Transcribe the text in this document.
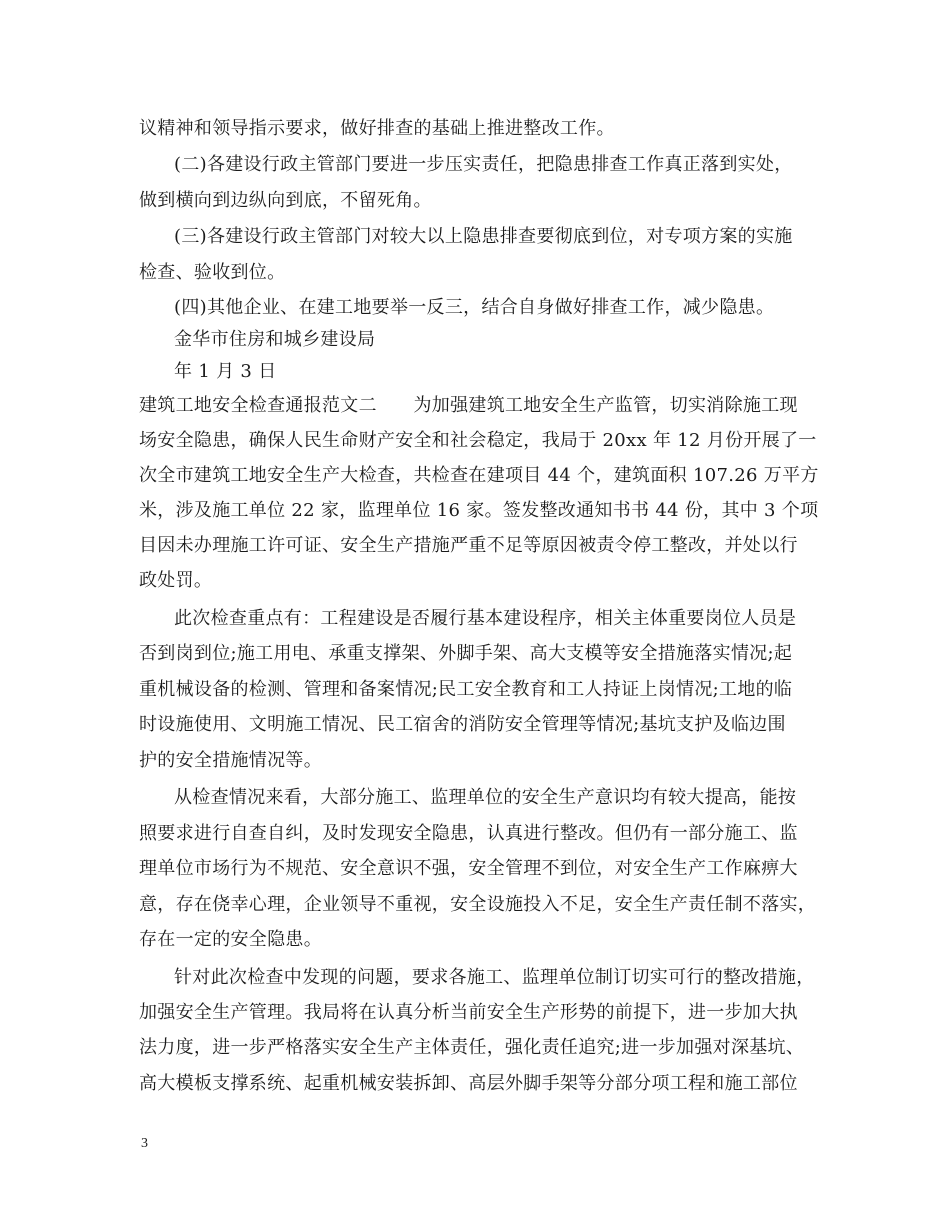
议精神和领导指示要求，做好排查的基础上推进整改工作。
(二)各建设行政主管部门要进一步压实责任，把隐患排查工作真正落到实处，
做到横向到边纵向到底，不留死角。
(三)各建设行政主管部门对较大以上隐患排查要彻底到位，对专项方案的实施
检查、验收到位。
(四)其他企业、在建工地要举一反三，结合自身做好排查工作，减少隐患。
金华市住房和城乡建设局
年 1 月 3 日
建筑工地安全检查通报范文二　　为加强建筑工地安全生产监管，切实消除施工现
场安全隐患，确保人民生命财产安全和社会稳定，我局于 20xx 年 12 月份开展了一
次全市建筑工地安全生产大检查，共检查在建项目 44 个，建筑面积 107.26 万平方
米，涉及施工单位 22 家，监理单位 16 家。签发整改通知书书 44 份，其中 3 个项
目因未办理施工许可证、安全生产措施严重不足等原因被责令停工整改，并处以行
政处罚。
此次检查重点有：工程建设是否履行基本建设程序，相关主体重要岗位人员是
否到岗到位;施工用电、承重支撑架、外脚手架、高大支模等安全措施落实情况;起
重机械设备的检测、管理和备案情况;民工安全教育和工人持证上岗情况;工地的临
时设施使用、文明施工情况、民工宿舍的消防安全管理等情况;基坑支护及临边围
护的安全措施情况等。
从检查情况来看，大部分施工、监理单位的安全生产意识均有较大提高，能按
照要求进行自查自纠，及时发现安全隐患，认真进行整改。但仍有一部分施工、监
理单位市场行为不规范、安全意识不强，安全管理不到位，对安全生产工作麻痹大
意，存在侥幸心理，企业领导不重视，安全设施投入不足，安全生产责任制不落实，
存在一定的安全隐患。
针对此次检查中发现的问题，要求各施工、监理单位制订切实可行的整改措施，
加强安全生产管理。我局将在认真分析当前安全生产形势的前提下，进一步加大执
法力度，进一步严格落实安全生产主体责任，强化责任追究;进一步加强对深基坑、
高大模板支撑系统、起重机械安装拆卸、高层外脚手架等分部分项工程和施工部位
3
